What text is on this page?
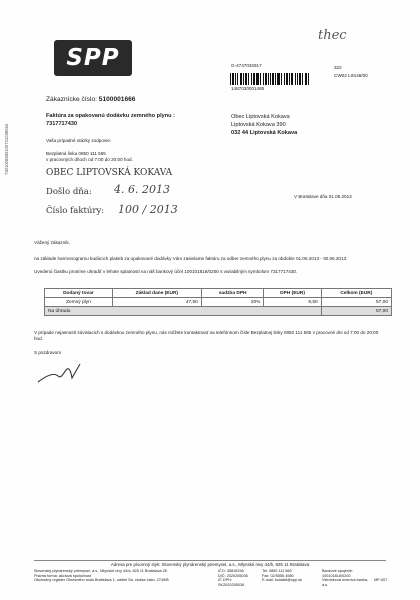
SPP
thec
7301008380100721038564
G-4747032917	322
CW02 L0S48/00
1487030001485
Zákaznícke číslo: 5100001666
Faktúra za opakovanú dodávku zemného plynu :
7317717430
Vaša prípadné otázky zodpovie:
Bezplatná linka 0850 111 565
v pracovných dňoch od 7:00 do 20:00 hod.
Obec Liptovská Kokava
Liptovská Kokava 390
032 44 Liptovská Kokava
OBEC LIPTOVSKÁ KOKAVA
Došlo dňa: 4. 6. 2013
Číslo faktúry: 100 / 2013
V Bratislave dňa 01.06.2013
Vážený zákazník,
na základe harmonogramu budúcich platieb za opakované dodávky Vám zasielame faktúru za odber zemného plynu za obdobie 01.06.2013 - 30.06.2013.
Uvedenú čiastku prosíme uhradiť v lehote splatnosti na náš bankový účet 100101818/0200 s variabilným symbolom 7317717430.
Dodaný tovar	Základ dane (EUR)	sadzba DPH	DPH (EUR)	Celkom (EUR)
Zemný plyn	47,50	20%	9,50	57,00
Na úhradu				57,00
V prípade nejasností súvisiacich s dodávkou zemného plynu, nás môžete kontaktovať na telefónnom čísle Bezplatnej linky 0850 111 565 v pracovné dni od 7:00 do 20:00 hod.
S pozdravom
Adresa pre písomný styk: Slovenský plynárenský priemysel, a.s., Mlynské nivy 44/b, 825 11 Bratislava
Slovenský plynárenský priemysel, a.s., Mlynské nivy 44/a, 825 11 Bratislava 26
Právna forma: akciová spoločnosť
Obchodný register Okresného súdu Bratislava 1, oddiel Sa, vložka číslo: 2749/B
IČO: 35815256
DIČ: 2020255036
IČ DPH: SK2020255036
Tel: 0850 111 565
Fax: 02/5556 4580
E-mail: kontakt@spp.sk
Bankové spojenie:
100101818/0200
Všeobecná úverová banka, a.s.
MP-007
